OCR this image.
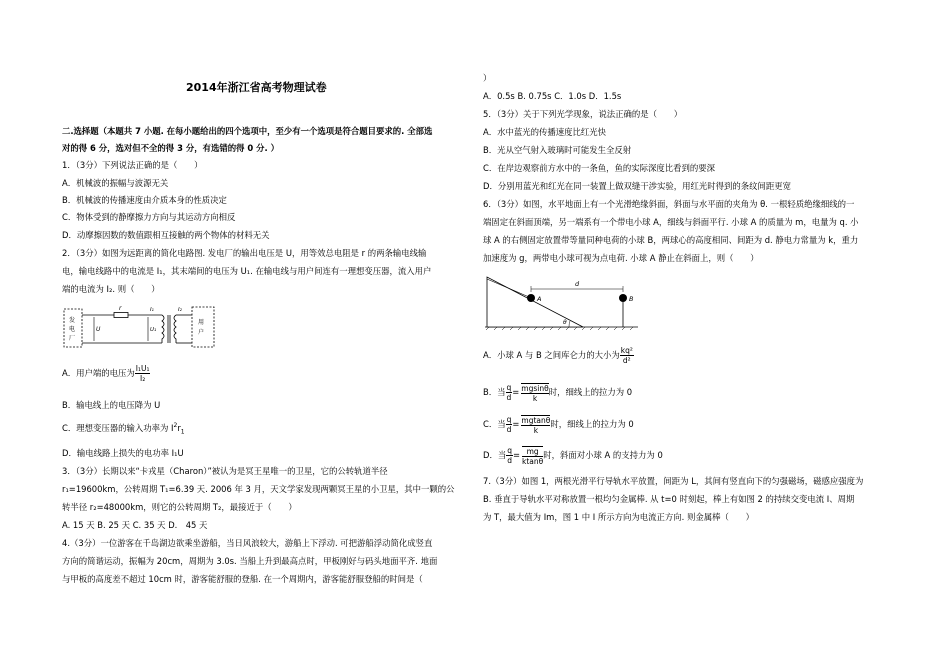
2014年浙江省高考物理试卷
二.选择题（本题共 7 小题. 在每小题给出的四个选项中，至少有一个选项是符合题目要求的. 全部选
对的得 6 分，选对但不全的得 3 分，有选错的得 0 分. ）
1．（3分）下列说法正确的是（　　）
A．机械波的振幅与波源无关
B．机械波的传播速度由介质本身的性质决定
C．物体受到的静摩擦力方向与其运动方向相反
D．动摩擦因数的数值跟相互接触的两个物体的材料无关
2．（3分）如图为远距离的简化电路图. 发电厂的输出电压是 U，用等效总电阻是 r 的两条输电线输
电，输电线路中的电流是 I₁，其末端间的电压为 U₁. 在输电线与用户间连有一理想变压器，流入用户
端的电流为 I₂. 则（　　）
发
电
厂
r
U	U₁
I₁	I₂
用
户
A．用户端的电压为 $\frac{\text{I₁U₁}}{\text{I₂}}$
B．输电线上的电压降为 U
C．理想变压器的输入功率为 $I^2r_1$
D．输电线路上损失的电功率 I₁U
3．（3分）长期以来“卡戎星（Charon）”被认为是冥王星唯一的卫星，它的公转轨道半径
r₁=19600km，公转周期 T₁=6.39 天. 2006 年 3 月，天文学家发现两颗冥王星的小卫星，其中一颗的公
转半径 r₂=48000km，则它的公转周期 T₂，最接近于（　　）
A. 15 天 B. 25 天 C. 35 天 D.　45 天
4.（3分）一位游客在千岛湖边欲乘坐游船，当日风浪较大，游船上下浮动. 可把游船浮动简化成竖直
方向的简谐运动，振幅为 20cm，周期为 3.0s. 当船上升到最高点时，甲板刚好与码头地面平齐. 地面
与甲板的高度差不超过 10cm 时，游客能舒服的登船. 在一个周期内，游客能舒服登船的时间是（
）
A．0.5s B. 0.75s C．1.0s D．1.5s
5．（3分）关于下列光学现象，说法正确的是（　　）
A．水中蓝光的传播速度比红光快
B．光从空气射入玻璃时可能发生全反射
C．在岸边观察前方水中的一条鱼，鱼的实际深度比看到的要深
D．分别用蓝光和红光在同一装置上做双缝干涉实验，用红光时得到的条纹间距更宽
6．（3分）如图，水平地面上有一个光滑绝缘斜面，斜面与水平面的夹角为 θ. 一根轻质绝缘细线的一
端固定在斜面顶端，另一端系有一个带电小球 A，细线与斜面平行. 小球 A 的质量为 m，电量为 q. 小
球 A 的右侧固定放置带等量同种电荷的小球 B，两球心的高度相同、间距为 d. 静电力常量为 k，重力
加速度为 g，两带电小球可视为点电荷. 小球 A 静止在斜面上，则（　　）
A	B
d
θ
A．小球 A 与 B 之间库仑力的大小为 $\frac{\text{kq²}}{\text{d²}}$
B．当 $\frac{q}{d} = \frac{mgsin\theta}{k}$ 时，细线上的拉力为 0
C．当 $\frac{q}{d} = \frac{mgtan\theta}{k}$ 时，细线上的拉力为 0
D．当 $\frac{q}{d} = \frac{mg}{ktan\theta}$ 时，斜面对小球 A 的支持力为 0
7.（3分）如图 1，两根光滑平行导轨水平放置，间距为 L，其间有竖直向下的匀强磁场，磁感应强度为
B. 垂直于导轨水平对称放置一根均匀金属棒. 从 t=0 时刻起，棒上有如图 2 的持续交变电流 I、周期
为 T，最大值为 Im，图 1 中 I 所示方向为电流正方向. 则金属棒（　　）
